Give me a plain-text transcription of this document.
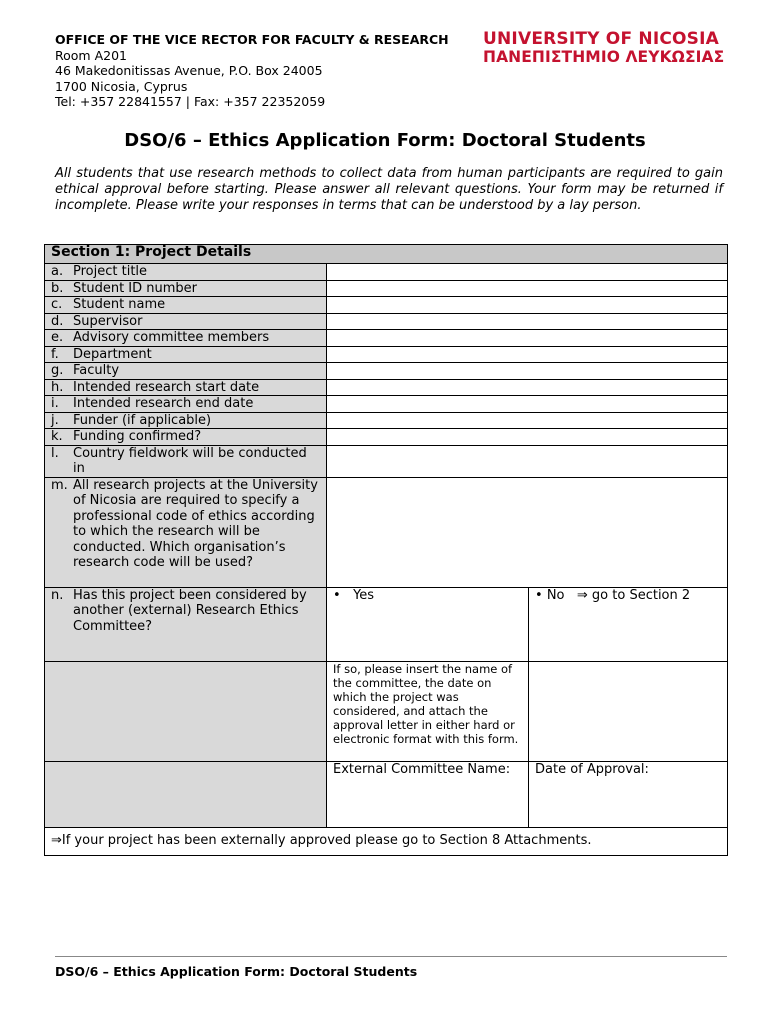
OFFICE OF THE VICE RECTOR FOR FACULTY & RESEARCH
Room A201
46 Makedonitissas Avenue, P.O. Box 24005
1700 Nicosia, Cyprus
Tel: +357 22841557 | Fax: +357 22352059
UNIVERSITY OF NICOSIA
ΠΑΝΕΠΙΣΤΗΜΙΟ ΛΕΥΚΩΣΙΑΣ
DSO/6 – Ethics Application Form: Doctoral Students
All students that use research methods to collect data from human participants are required to gain ethical approval before starting. Please answer all relevant questions. Your form may be returned if incomplete. Please write your responses in terms that can be understood by a lay person.
Section 1: Project Details		

a. Project title		

b. Student ID number		

c. Student name		

d. Supervisor		

e. Advisory committee members		

f. Department		

g. Faculty		

h. Intended research start date		

i. Intended research end date		

j. Funder (if applicable)		

k. Funding confirmed?		

l. Country fieldwork will be conducted in		

m. All research projects at the University of Nicosia are required to specify a professional code of ethics according to which the research will be conducted. Which organisation’s research code will be used?		

n. Has this project been considered by another (external) Research Ethics Committee?	• Yes	• No ⇒ go to Section 2
	If so, please insert the name of the committee, the date on which the project was considered, and attach the approval letter in either hard or electronic format with this form.	
	External Committee Name:	Date of Approval:
⇒If your project has been externally approved please go to Section 8 Attachments.		
DSO/6 – Ethics Application Form: Doctoral Students
